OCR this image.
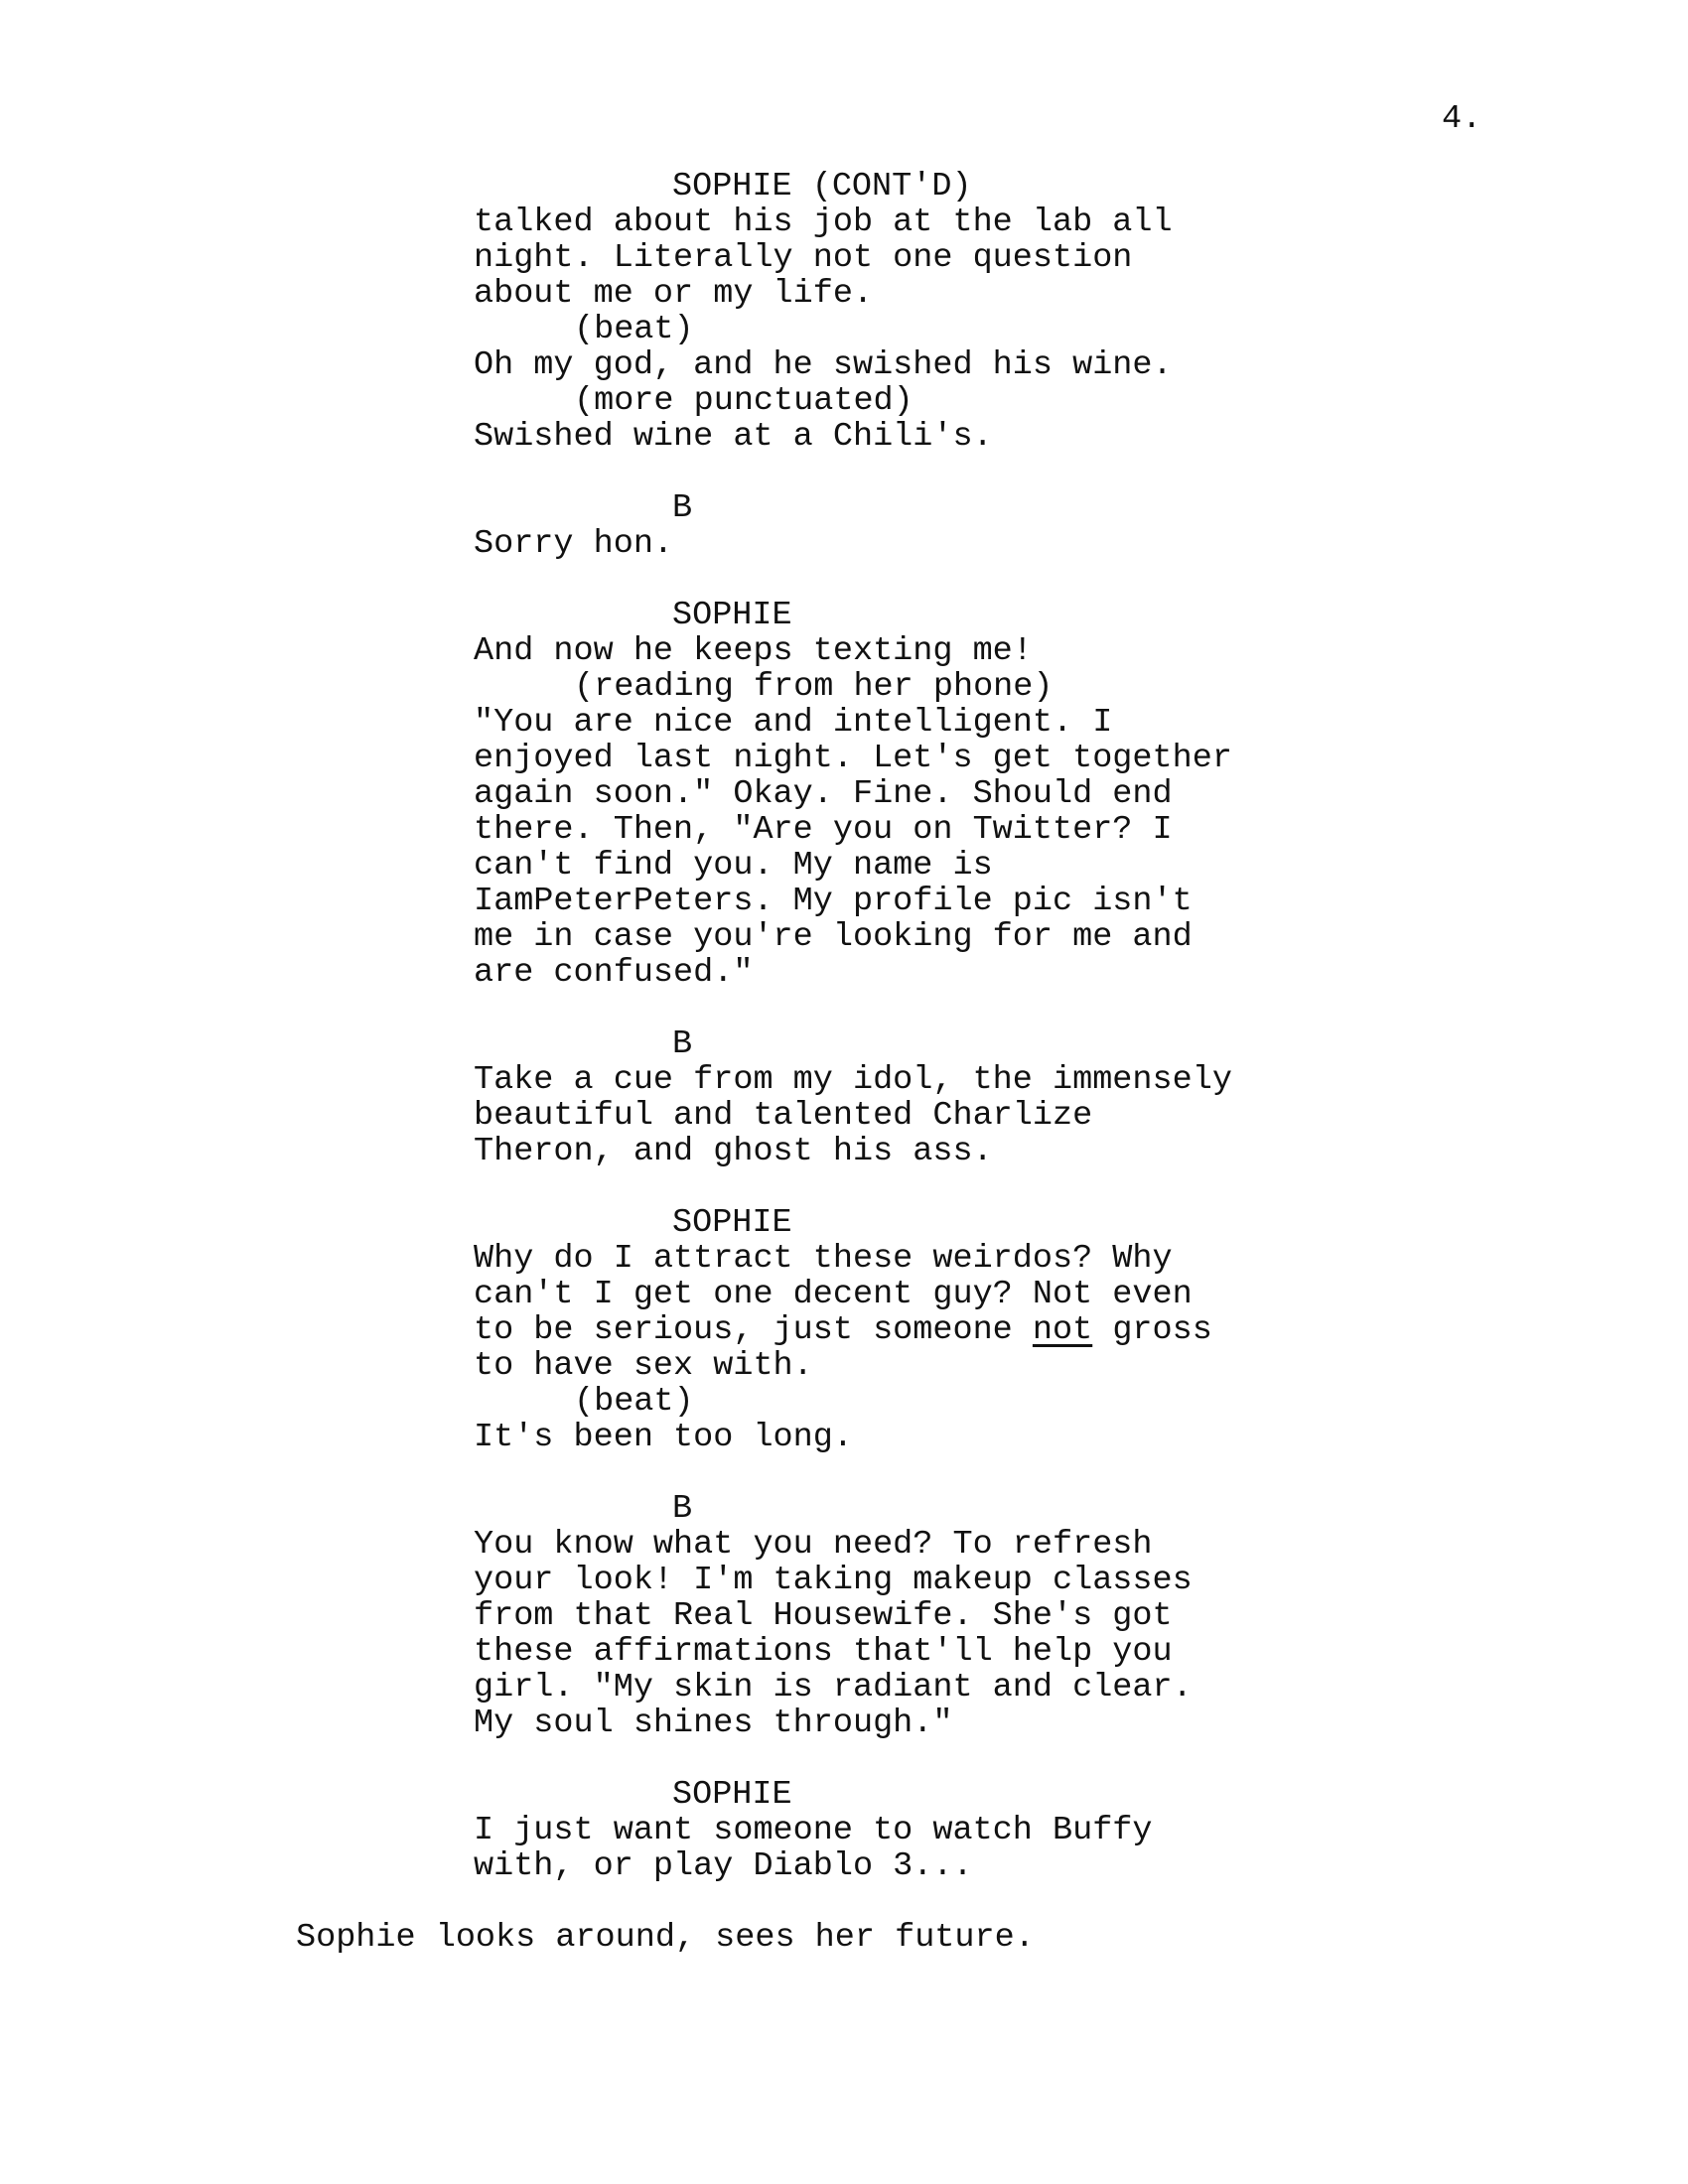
4.
SOPHIE (CONT'D)
talked about his job at the lab all
night. Literally not one question
about me or my life.
(beat)
Oh my god, and he swished his wine.
(more punctuated)
Swished wine at a Chili's.
B
Sorry hon.
SOPHIE
And now he keeps texting me!
(reading from her phone)
"You are nice and intelligent. I
enjoyed last night. Let's get together
again soon." Okay. Fine. Should end
there. Then, "Are you on Twitter? I
can't find you. My name is
IamPeterPeters. My profile pic isn't
me in case you're looking for me and
are confused."
B
Take a cue from my idol, the immensely
beautiful and talented Charlize
Theron, and ghost his ass.
SOPHIE
Why do I attract these weirdos? Why
can't I get one decent guy? Not even
to be serious, just someone not gross
to have sex with.
(beat)
It's been too long.
B
You know what you need? To refresh
your look! I'm taking makeup classes
from that Real Housewife. She's got
these affirmations that'll help you
girl. "My skin is radiant and clear.
My soul shines through."
SOPHIE
I just want someone to watch Buffy
with, or play Diablo 3...
Sophie looks around, sees her future.
